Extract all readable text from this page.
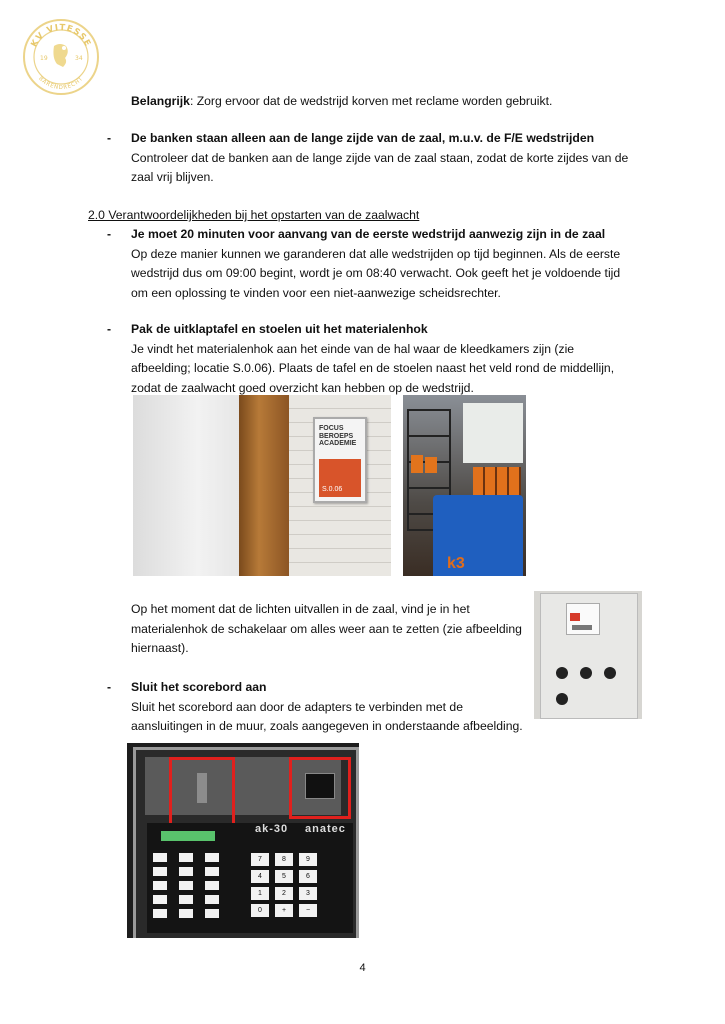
KV VITESSE
BARENDRECHT
19	34
Belangrijk: Zorg ervoor dat de wedstrijd korven met reclame worden gebruikt.
- De banken staan alleen aan de lange zijde van de zaal, m.u.v. de F/E wedstrijden
Controleer dat de banken aan de lange zijde van de zaal staan, zodat de korte zijdes van de
zaal vrij blijven.
2.0 Verantwoordelijkheden bij het opstarten van de zaalwacht
- Je moet 20 minuten voor aanvang van de eerste wedstrijd aanwezig zijn in de zaal
Op deze manier kunnen we garanderen dat alle wedstrijden op tijd beginnen. Als de eerste
wedstrijd dus om 09:00 begint, wordt je om 08:40 verwacht. Ook geeft het je voldoende tijd
om een oplossing te vinden voor een niet-aanwezige scheidsrechter.
- Pak de uitklaptafel en stoelen uit het materialenhok
Je vindt het materialenhok aan het einde van de hal waar de kleedkamers zijn (zie
afbeelding; locatie S.0.06). Plaats de tafel en de stoelen naast het veld rond de middellijn,
zodat de zaalwacht goed overzicht kan hebben op de wedstrijd.
FOCUS
BEROEPS
ACADEMIE
S.0.06
k3
Op het moment dat de lichten uitvallen in de zaal, vind je in het
materialenhok de schakelaar om alles weer aan te zetten (zie afbeelding
hiernaast).
- Sluit het scorebord aan
Sluit het scorebord aan door de adapters te verbinden met de
aansluitingen in de muur, zoals aangegeven in onderstaande afbeelding.
ak-30 anatec
7	8	9
4	5	6
1	2	3
0	+	−
4
